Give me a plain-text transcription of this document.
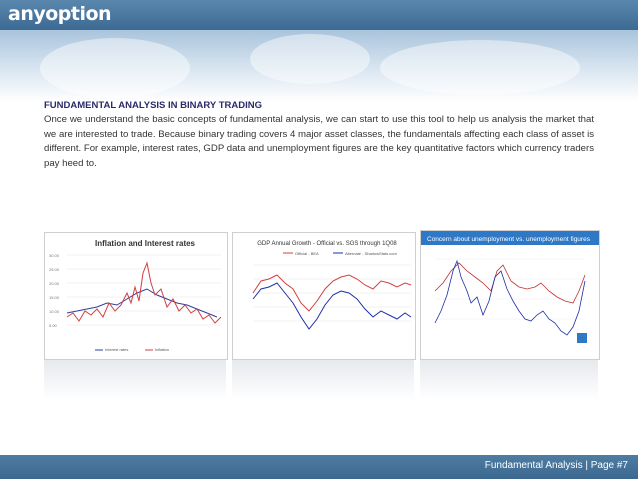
anyoption
FUNDAMENTAL ANALYSIS IN BINARY TRADING
Once we understand the basic concepts of fundamental analysis, we can start to use this tool to help us analysis the market that we are interested to trade. Because binary trading covers 4 major asset classes, the fundamentals affecting each class of asset is different. For example, interest rates, GDP data and unemployment figures are the key quantitative factors which currency traders pay heed to.
Inflation and Interest rates
30.00
25.00
20.00
15.00
10.00
5.00
Interest rates	Inflation
GDP Annual Growth - Official vs. SGS through 1Q08
Official - BEA	Alternate - ShadowStats.com
Concern about unemployment vs. unemployment figures
Fundamental Analysis | Page #7
